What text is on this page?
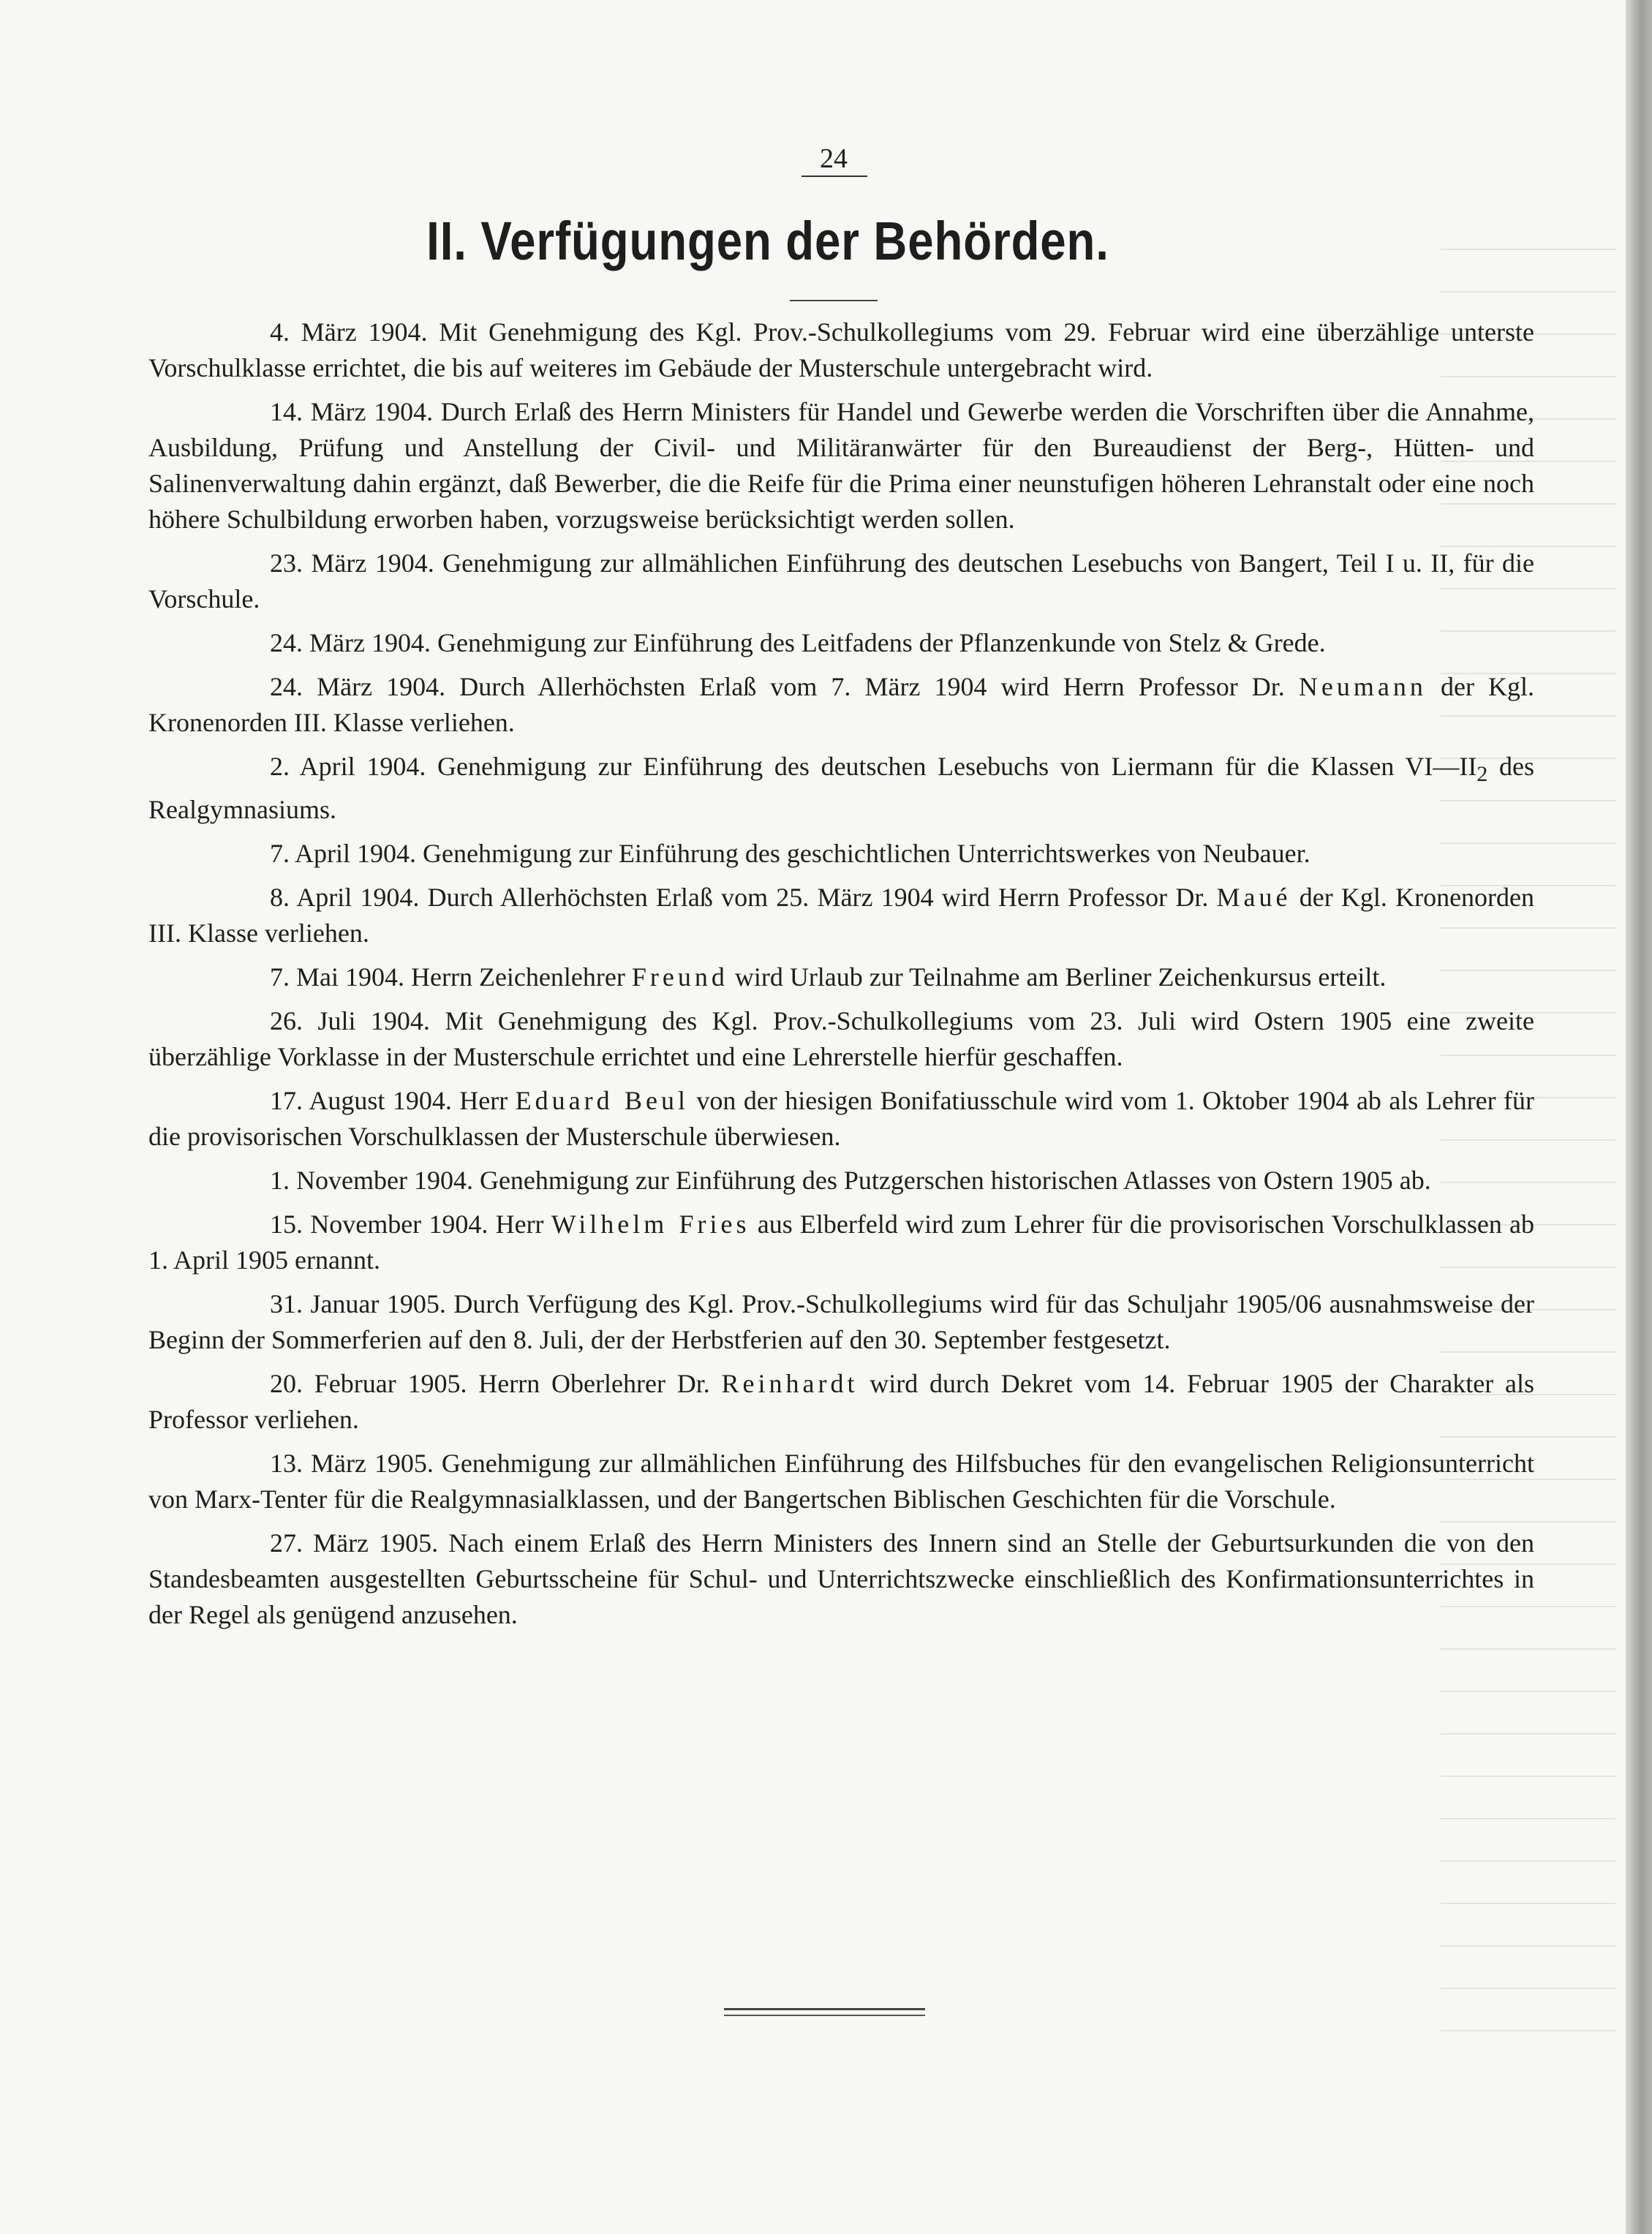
24
II. Verfügungen der Behörden.

4. März 1904. Mit Genehmigung des Kgl. Prov.-Schulkollegiums vom 29. Februar wird eine überzählige unterste Vorschulklasse errichtet, die bis auf weiteres im Gebäude der Musterschule untergebracht wird.

14. März 1904. Durch Erlaß des Herrn Ministers für Handel und Gewerbe werden die Vorschriften über die Annahme, Ausbildung, Prüfung und Anstellung der Civil- und Militäranwärter für den Bureaudienst der Berg-, Hütten- und Salinenverwaltung dahin ergänzt, daß Bewerber, die die Reife für die Prima einer neunstufigen höheren Lehranstalt oder eine noch höhere Schulbildung erworben haben, vorzugsweise berücksichtigt werden sollen.

23. März 1904. Genehmigung zur allmählichen Einführung des deutschen Lesebuchs von Bangert, Teil I u. II, für die Vorschule.

24. März 1904. Genehmigung zur Einführung des Leitfadens der Pflanzenkunde von Stelz & Grede.

24. März 1904. Durch Allerhöchsten Erlaß vom 7. März 1904 wird Herrn Professor Dr. Neumann der Kgl. Kronenorden III. Klasse verliehen.

2. April 1904. Genehmigung zur Einführung des deutschen Lesebuchs von Liermann für die Klassen $VI—II_2$ des Realgymnasiums.

7. April 1904. Genehmigung zur Einführung des geschichtlichen Unterrichtswerkes von Neubauer.

8. April 1904. Durch Allerhöchsten Erlaß vom 25. März 1904 wird Herrn Professor Dr. Maué der Kgl. Kronenorden III. Klasse verliehen.

7. Mai 1904. Herrn Zeichenlehrer Freund wird Urlaub zur Teilnahme am Berliner Zeichenkursus erteilt.

26. Juli 1904. Mit Genehmigung des Kgl. Prov.-Schulkollegiums vom 23. Juli wird Ostern 1905 eine zweite überzählige Vorklasse in der Musterschule errichtet und eine Lehrerstelle hierfür geschaffen.

17. August 1904. Herr Eduard Beul von der hiesigen Bonifatiusschule wird vom 1. Oktober 1904 ab als Lehrer für die provisorischen Vorschulklassen der Musterschule überwiesen.

1. November 1904. Genehmigung zur Einführung des Putzgerschen historischen Atlasses von Ostern 1905 ab.

15. November 1904. Herr Wilhelm Fries aus Elberfeld wird zum Lehrer für die provisorischen Vorschulklassen ab 1. April 1905 ernannt.

31. Januar 1905. Durch Verfügung des Kgl. Prov.-Schulkollegiums wird für das Schuljahr 1905/06 ausnahmsweise der Beginn der Sommerferien auf den 8. Juli, der der Herbstferien auf den 30. September festgesetzt.

20. Februar 1905. Herrn Oberlehrer Dr. Reinhardt wird durch Dekret vom 14. Februar 1905 der Charakter als Professor verliehen.

13. März 1905. Genehmigung zur allmählichen Einführung des Hilfsbuches für den evangelischen Religionsunterricht von Marx-Tenter für die Realgymnasialklassen, und der Bangertschen Biblischen Geschichten für die Vorschule.

27. März 1905. Nach einem Erlaß des Herrn Ministers des Innern sind an Stelle der Geburtsurkunden die von den Standesbeamten ausgestellten Geburtsscheine für Schul- und Unterrichtszwecke einschließlich des Konfirmationsunterrichtes in der Regel als genügend anzusehen.
